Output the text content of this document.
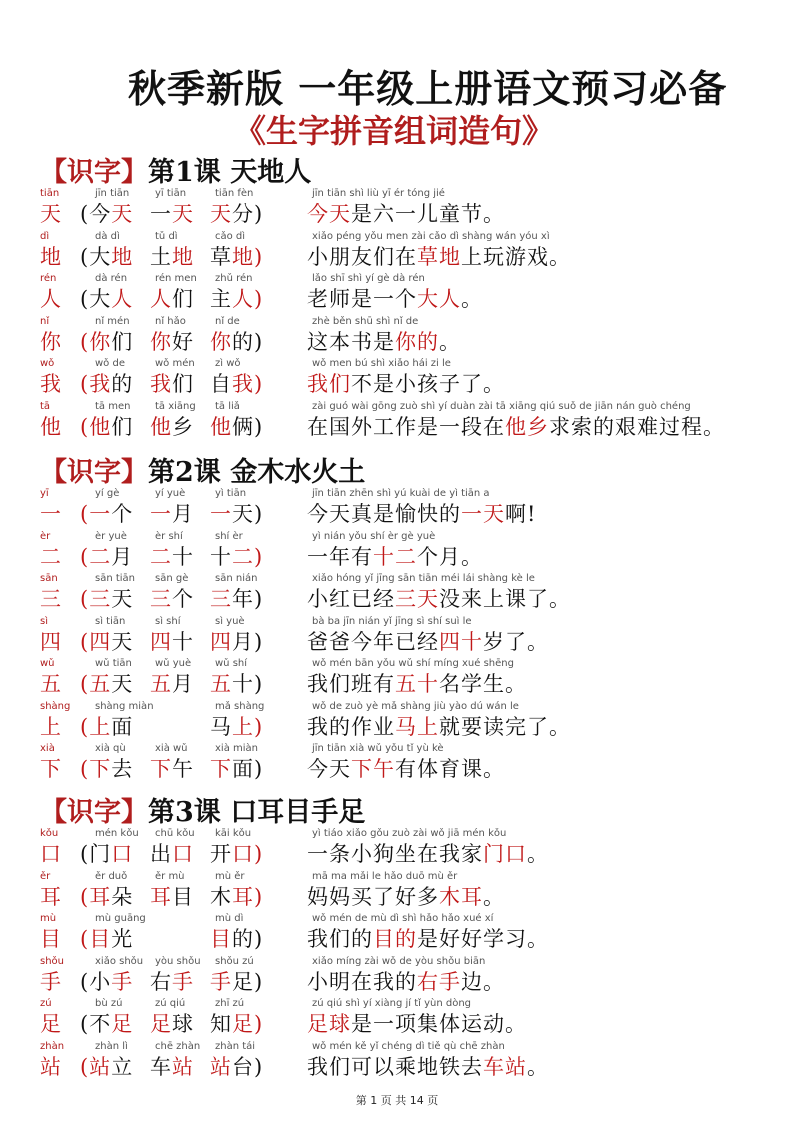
秋季新版 一年级上册语文预习必备
《生字拼音组词造句》
【识字】第1课 天地人
tiān
天
jīn tiān
(今天
yī tiān
一天
tiān fèn
天分)
jīn tiān shì liù yī ér tóng jié
今天是六一儿童节。
dì
地
dà dì
(大地
tǔ dì
土地
cǎo dì
草地)
xiǎo péng yǒu men zài cǎo dì shàng wán yóu xì
小朋友们在草地上玩游戏。
rén
人
dà rén
(大人
rén men
人们
zhǔ rén
主人)
lǎo shī shì yí gè dà rén
老师是一个大人。
nǐ
你
nǐ mén
(你们
nǐ hǎo
你好
nǐ de
你的)
zhè běn shū shì nǐ de
这本书是你的。
wǒ
我
wǒ de
(我的
wǒ mén
我们
zì wǒ
自我)
wǒ men bú shì xiǎo hái zi le
我们不是小孩子了。
tā
他
tā men
(他们
tā xiāng
他乡
tā liǎ
他俩)
zài guó wài gōng zuò shì yí duàn zài tā xiāng qiú suǒ de jiān nán guò chéng
在国外工作是一段在他乡求索的艰难过程。
【识字】第2课 金木水火土
yī
一
yí gè
(一个
yí yuè
一月
yì tiān
一天)
jīn tiān zhēn shì yú kuài de yì tiān a
今天真是愉快的一天啊!
èr
二
èr yuè
(二月
èr shí
二十
shí èr
十二)
yì nián yǒu shí èr gè yuè
一年有十二个月。
sān
三
sān tiān
(三天
sān gè
三个
sān nián
三年)
xiǎo hóng yǐ jīng sān tiān méi lái shàng kè le
小红已经三天没来上课了。
sì
四
sì tiān
(四天
sì shí
四十
sì yuè
四月)
bà ba jīn nián yǐ jīng sì shí suì le
爸爸今年已经四十岁了。
wǔ
五
wǔ tiān
(五天
wǔ yuè
五月
wǔ shí
五十)
wǒ mén bān yǒu wǔ shí míng xué shēng
我们班有五十名学生。
shàng
上
shàng miàn
(上面
mǎ shàng
马上)
wǒ de zuò yè mǎ shàng jiù yào dú wán le
我的作业马上就要读完了。
xià
下
xià qù
(下去
xià wǔ
下午
xià miàn
下面)
jīn tiān xià wǔ yǒu tǐ yù kè
今天下午有体育课。
【识字】第3课 口耳目手足
kǒu
口
mén kǒu
(门口
chū kǒu
出口
kāi kǒu
开口)
yì tiáo xiǎo gǒu zuò zài wǒ jiā mén kǒu
一条小狗坐在我家门口。
ěr
耳
ěr duǒ
(耳朵
ěr mù
耳目
mù ěr
木耳)
mā ma mǎi le hǎo duō mù ěr
妈妈买了好多木耳。
mù
目
mù guāng
(目光
mù dì
目的)
wǒ mén de mù dì shì hǎo hǎo xué xí
我们的目的是好好学习。
shǒu
手
xiǎo shǒu
(小手
yòu shǒu
右手
shǒu zú
手足)
xiǎo míng zài wǒ de yòu shǒu biān
小明在我的右手边。
zú
足
bù zú
(不足
zú qiú
足球
zhī zú
知足)
zú qiú shì yí xiàng jí tǐ yùn dòng
足球是一项集体运动。
zhàn
站
zhàn lì
(站立
chē zhàn
车站
zhàn tái
站台)
wǒ mén kě yǐ chéng dì tiě qù chē zhàn
我们可以乘地铁去车站。
第 1 页 共 14 页
